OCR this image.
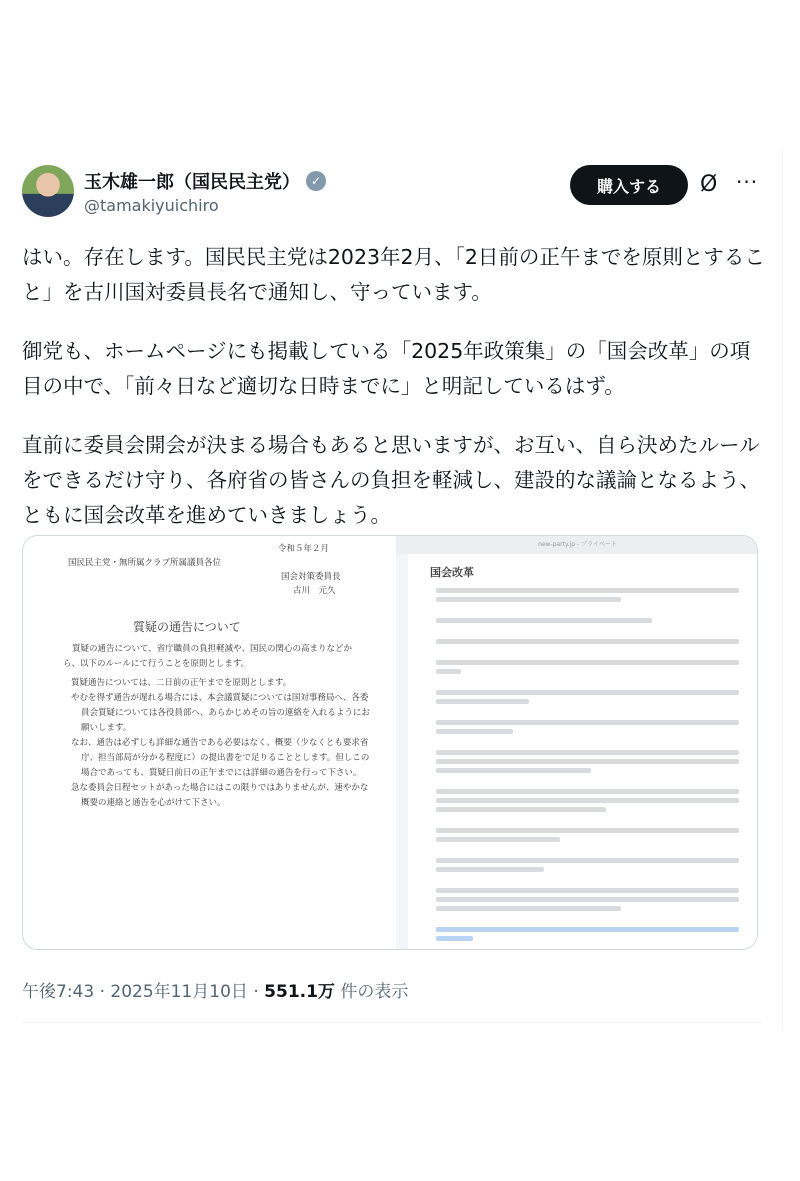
玉木雄一郎（国民民主党） ✓
@tamakiyuichiro
購入する	Ø ···

はい。存在します。国民民主党は2023年2月、「2日前の正午までを原則とすること」を古川国対委員長名で通知し、守っています。

御党も、ホームページにも掲載している「2025年政策集」の「国会改革」の項目の中で、「前々日など適切な日時までに」と明記しているはず。

直前に委員会開会が決まる場合もあると思いますが、お互い、自ら決めたルールをできるだけ守り、各府省の皆さんの負担を軽減し、建設的な議論となるよう、ともに国会改革を進めていきましょう。

令和５年２月
国民民主党・無所属クラブ所属議員各位
国会対策委員長
古川　元久
質疑の通告について
質疑の通告について、省庁職員の負担軽減や、国民の関心の高まりなどから、以下のルールにて行うことを原則とします。
質疑通告については、二日前の正午までを原則とします。
やむを得ず通告が遅れる場合には、本会議質疑については国対事務局へ、各委員会質疑については各役員部へ、あらかじめその旨の連絡を入れるようにお願いします。
なお、通告は必ずしも詳細な通告である必要はなく、概要（少なくとも要求省庁、担当部局が分かる程度に）の提出書をで足りることとします。但しこの場合であっても、質疑日前日の正午までには詳細の通告を行って下さい。
急な委員会日程セットがあった場合にはこの限りではありませんが、速やかな概要の連絡と通告を心がけて下さい。
new-party.jp - プライベート
国会改革
午後7:43 · 2025年11月10日 · 551.1万 件の表示
